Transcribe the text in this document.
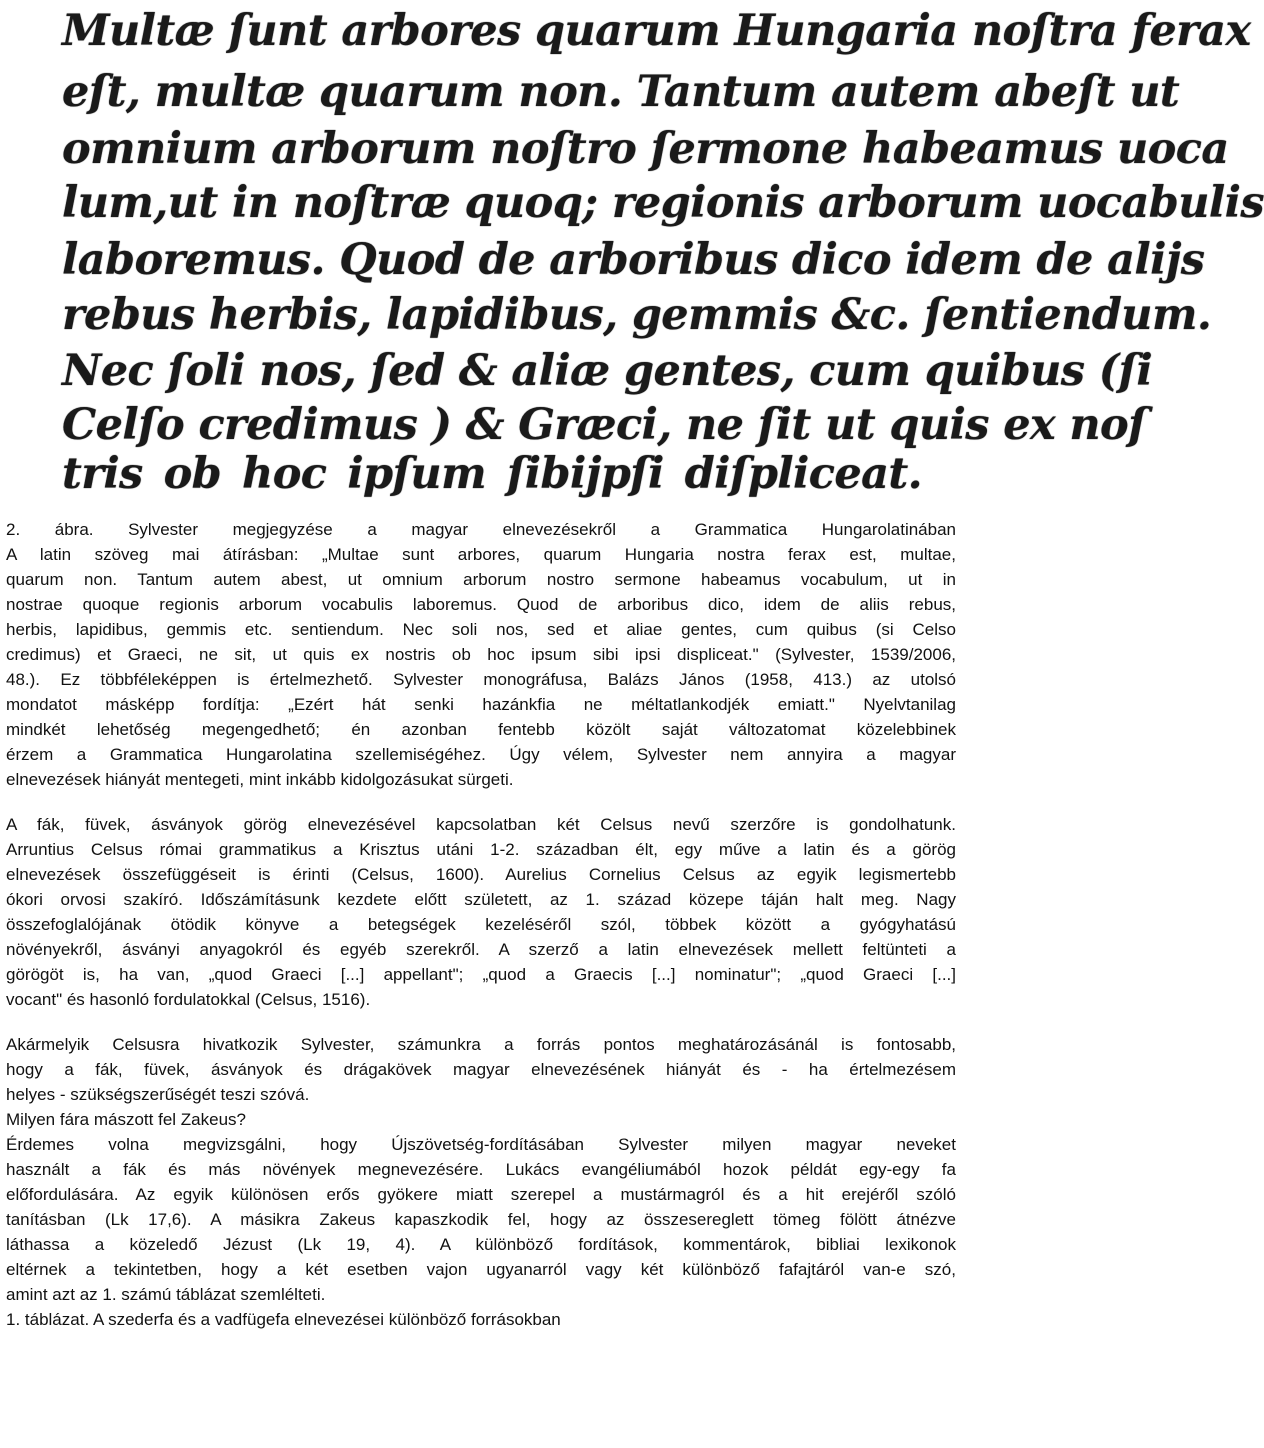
Multæ ſunt arbores quarum Hungaria noſtra ferax
eſt, multæ quarum non. Tantum autem abeſt ut
omnium arborum noſtro ſermone habeamus uoca
lum,ut in noſtræ quoq; regionis arborum uocabulis
laboremus. Quod de arboribus dico idem de alijs
rebus herbis, lapidibus, gemmis &c. ſentiendum.
Nec ſoli nos, ſed & aliæ gentes, cum quibus (ſi
Celſo credimus ) & Græci, ne ſit ut quis ex noſ
tris ob hoc ipſum ſibijpſi diſpliceat.
2. ábra. Sylvester megjegyzése a magyar elnevezésekről a Grammatica Hungarolatinában
A latin szöveg mai átírásban: „Multae sunt arbores, quarum Hungaria nostra ferax est, multae,
quarum non. Tantum autem abest, ut omnium arborum nostro sermone habeamus vocabulum, ut in
nostrae quoque regionis arborum vocabulis laboremus. Quod de arboribus dico, idem de aliis rebus,
herbis, lapidibus, gemmis etc. sentiendum. Nec soli nos, sed et aliae gentes, cum quibus (si Celso
credimus) et Graeci, ne sit, ut quis ex nostris ob hoc ipsum sibi ipsi displiceat." (Sylvester, 1539/2006,
48.). Ez többféleképpen is értelmezhető. Sylvester monográfusa, Balázs János (1958, 413.) az utolsó
mondatot másképp fordítja: „Ezért hát senki hazánkfia ne méltatlankodjék emiatt." Nyelvtanilag
mindkét lehetőség megengedhető; én azonban fentebb közölt saját változatomat közelebbinek
érzem a Grammatica Hungarolatina szellemiségéhez. Úgy vélem, Sylvester nem annyira a magyar
elnevezések hiányát mentegeti, mint inkább kidolgozásukat sürgeti.
A fák, füvek, ásványok görög elnevezésével kapcsolatban két Celsus nevű szerzőre is gondolhatunk.
Arruntius Celsus római grammatikus a Krisztus utáni 1-2. században élt, egy műve a latin és a görög
elnevezések összefüggéseit is érinti (Celsus, 1600). Aurelius Cornelius Celsus az egyik legismertebb
ókori orvosi szakíró. Időszámításunk kezdete előtt született, az 1. század közepe táján halt meg. Nagy
összefoglalójának ötödik könyve a betegségek kezeléséről szól, többek között a gyógyhatású
növényekről, ásványi anyagokról és egyéb szerekről. A szerző a latin elnevezések mellett feltünteti a
görögöt is, ha van, „quod Graeci [...] appellant"; „quod a Graecis [...] nominatur"; „quod Graeci [...]
vocant" és hasonló fordulatokkal (Celsus, 1516).
Akármelyik Celsusra hivatkozik Sylvester, számunkra a forrás pontos meghatározásánál is fontosabb,
hogy a fák, füvek, ásványok és drágakövek magyar elnevezésének hiányát és - ha értelmezésem
helyes - szükségszerűségét teszi szóvá.
Milyen fára mászott fel Zakeus?
Érdemes volna megvizsgálni, hogy Újszövetség-fordításában Sylvester milyen magyar neveket
használt a fák és más növények megnevezésére. Lukács evangéliumából hozok példát egy-egy fa
előfordulására. Az egyik különösen erős gyökere miatt szerepel a mustármagról és a hit erejéről szóló
tanításban (Lk 17,6). A másikra Zakeus kapaszkodik fel, hogy az összesereglett tömeg fölött átnézve
láthassa a közeledő Jézust (Lk 19, 4). A különböző fordítások, kommentárok, bibliai lexikonok
eltérnek a tekintetben, hogy a két esetben vajon ugyanarról vagy két különböző fafajtáról van-e szó,
amint azt az 1. számú táblázat szemlélteti.
1. táblázat. A szederfa és a vadfügefa elnevezései különböző forrásokban
